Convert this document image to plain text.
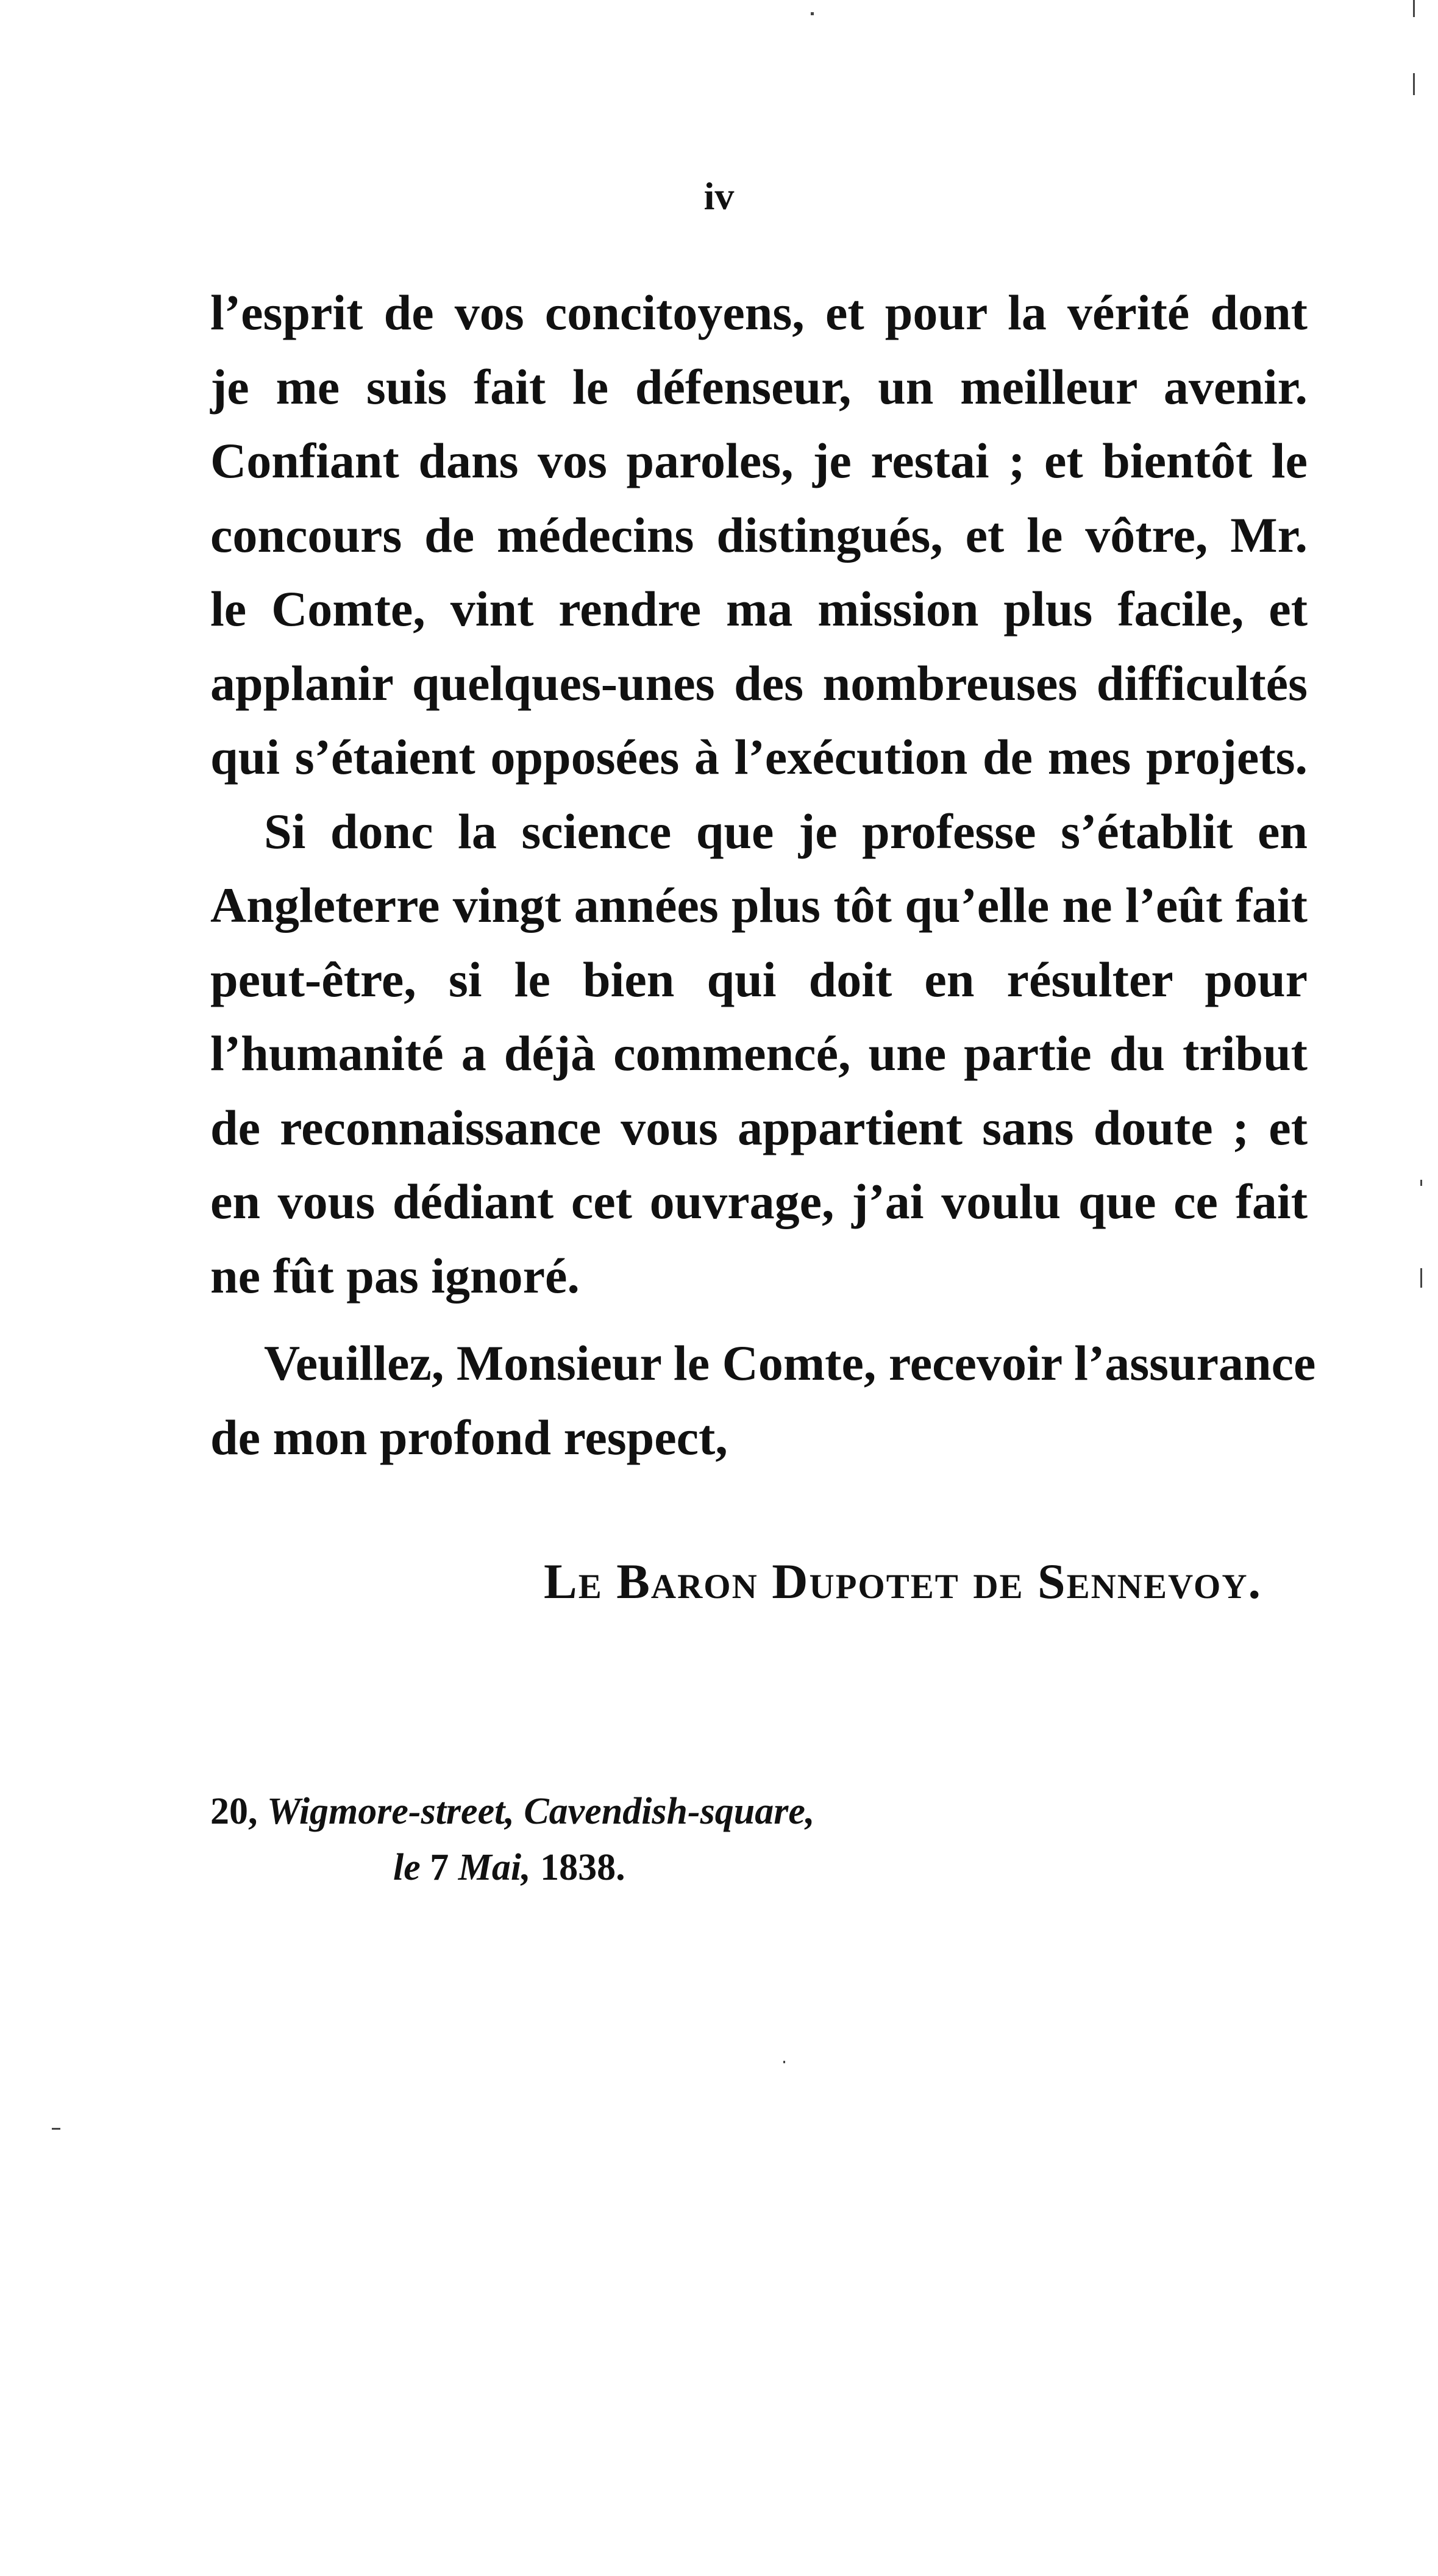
iv
l’esprit de vos concitoyens, et pour la vérité dont
je me suis fait le défenseur, un meilleur avenir.
Confiant dans vos paroles, je restai ; et bientôt le
concours de médecins distingués, et le vôtre, Mr.
le Comte, vint rendre ma mission plus facile, et
applanir quelques-unes des nombreuses difficultés
qui s’étaient opposées à l’exécution de mes projets.
Si donc la science que je professe s’établit en
Angleterre vingt années plus tôt qu’elle ne l’eût fait
peut-être, si le bien qui doit en résulter pour
l’humanité a déjà commencé, une partie du tribut
de reconnaissance vous appartient sans doute ; et
en vous dédiant cet ouvrage, j’ai voulu que ce fait
ne fût pas ignoré.
Veuillez, Monsieur le Comte, recevoir l’assurance
de mon profond respect,
Le Baron Dupotet de Sennevoy.
20, Wigmore-street, Cavendish-square,
le 7 Mai, 1838.
